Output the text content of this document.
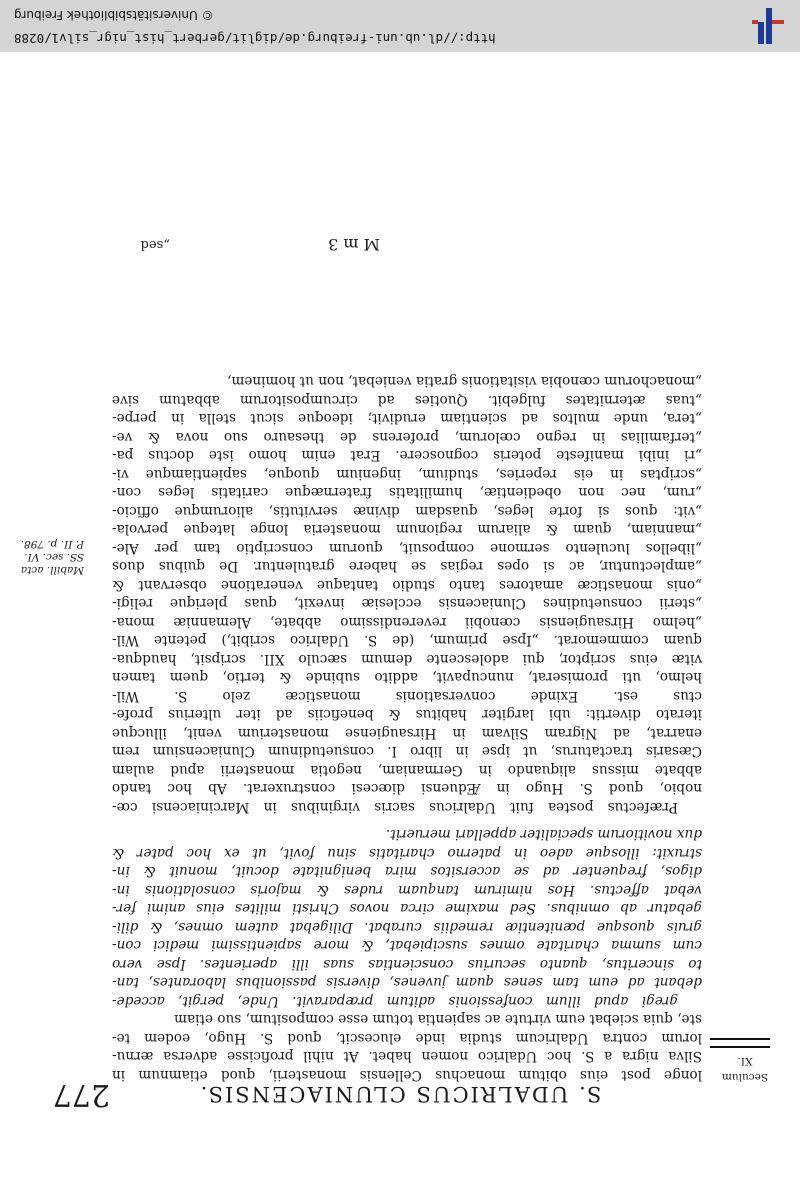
http://dl.ub.uni-freiburg.de/diglit/gerbert_hist_nigr_silv1/0288
© Universitätsbibliothek Freiburg
S. UDALRICUS CLUNIACENSIS.
277	Seculum
XI.
longe post eius obitum monachus Cellensis monasterii, quod etiamnum in
Silva nigra a S. hoc Udalrico nomen habet. At nihil proficisse adversa ærnu-
lorum contra Udalricum studia inde elucescit, quod S. Hugo, eodem te-
ste, quia sciebat eum virtute ac sapientia totum esse compositum, suo etiam
gregi apud illum confessionis aditum præparavit. Unde, pergit, accede-
debant ad eum tam senes quam juvenes, diversis passionibus laborantes, tan-
to sinceritus, quanto securius conscientias suas illi aperientes. Ipse vero
cum summa charitate omnes suscipiebat, & more sapientissimi medici con-
gruis quosque pœnitentiæ remediis curabat. Diligebat autem omnes, & dili-
gebatur ab omnibus. Sed maxime circa novos Christi milites eius animi fer-
vebat affectus. Hos nimirum tanquam rudes & majoris consolationis in-
digos, frequenter ad se accersitos mira benignitate docuit, monuit & in-
struxit: illosque adeo in paterno charitatis sinu fovit, ut ex hoc pater &
dux novitiorum specialiter appellari meruerit.
Præfectus postea fuit Udalricus sacris virginibus in Marciniacensi cœ-
nobio, quod S. Hugo in Æduensi diœcesi construxerat. Ab hoc tando
abbate missus aliquando in Germaniam, negotia monasterii apud aulam
Cæsaris tractaturus, ut ipse in libro I. consuetudinum Cluniacensium rem
enarrat, ad Nigram Silvam in Hirsaugiense monasterium venit, illucque
iterato divertit: ubi largiter habitus & beneficiis ad iter ulterius profe-
ctus est. Exinde conversationis monasticæ zelo S. Wil-
helmo, uti promiserat, nuncupavit, addito subinde & tertio, quem tamen
vitæ eius scriptor, qui adolescente demum sæculo XII. scripsit, haudqua-
quam commemorat. „Ipse primum, (de S. Udalrico scribit,) petente Wil-
„helmo Hirsaugiensis cœnobii reverendissimo abbate, Alemanniæ mona-
„sterii consuetudines Cluniacensis ecclesiæ invexit, quas plerique religi-
„onis monasticæ amatores tanto studio tantaque veneratione observant &
„amplectuntur, ac si opes regias se habere gratulentur. De quibus duos
„libellos luculento sermone composuit, quorum conscriptio tam per Ale-
„manniam, quam & aliarum regionum monasteria longe lateque pervola-
„vit: quos si forte leges, quasdam divinæ servitutis, aliorumque officio-
„rum, nec non obedientiæ, humilitatis fraternæque caritatis leges con-
„scriptas in eis reperies, studium, ingenium quoque, sapientiamque vi-
„ri inibi manifeste poteris cognoscere. Erat enim homo iste doctus pa-
„terfamilias in regno cœlorum, proferens de thesauro suo nova & ve-
„tera, unde multos ad scientiam erudivit; ideoque sicut stella in perpe-
„tuas æternitates fulgebit. Quoties ad circumpositorum abbatum sive
„monachorum cœnobia visitationis gratia veniebat, non ut hominem,
Mabill. acta
SS. sec. VI.
P. II. p. 798.
M m 3
„sed
